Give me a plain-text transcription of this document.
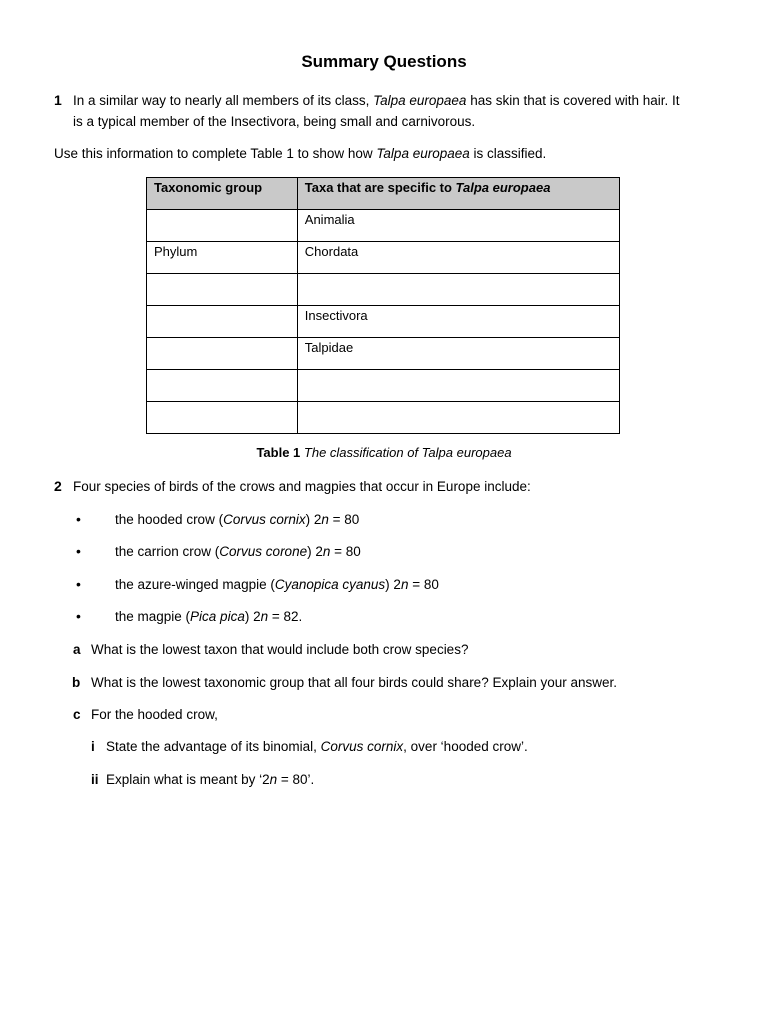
Summary Questions
1 In a similar way to nearly all members of its class, Talpa europaea has skin that is covered with hair. It
is a typical member of the Insectivora, being small and carnivorous.
Use this information to complete Table 1 to show how Talpa europaea is classified.
Taxonomic group	Taxa that are specific to Talpa europaea
	Animalia
Phylum	Chordata

	Insectivora
	Talpidae

Table 1 The classification of Talpa europaea
2 Four species of birds of the crows and magpies that occur in Europe include:
•	the hooded crow (Corvus cornix) 2n = 80
•	the carrion crow (Corvus corone) 2n = 80
•	the azure-winged magpie (Cyanopica cyanus) 2n = 80
•	the magpie (Pica pica) 2n = 82.
a What is the lowest taxon that would include both crow species?
b What is the lowest taxonomic group that all four birds could share? Explain your answer.
c For the hooded crow,
i State the advantage of its binomial, Corvus cornix, over ‘hooded crow’.
ii Explain what is meant by ‘2n = 80’.
